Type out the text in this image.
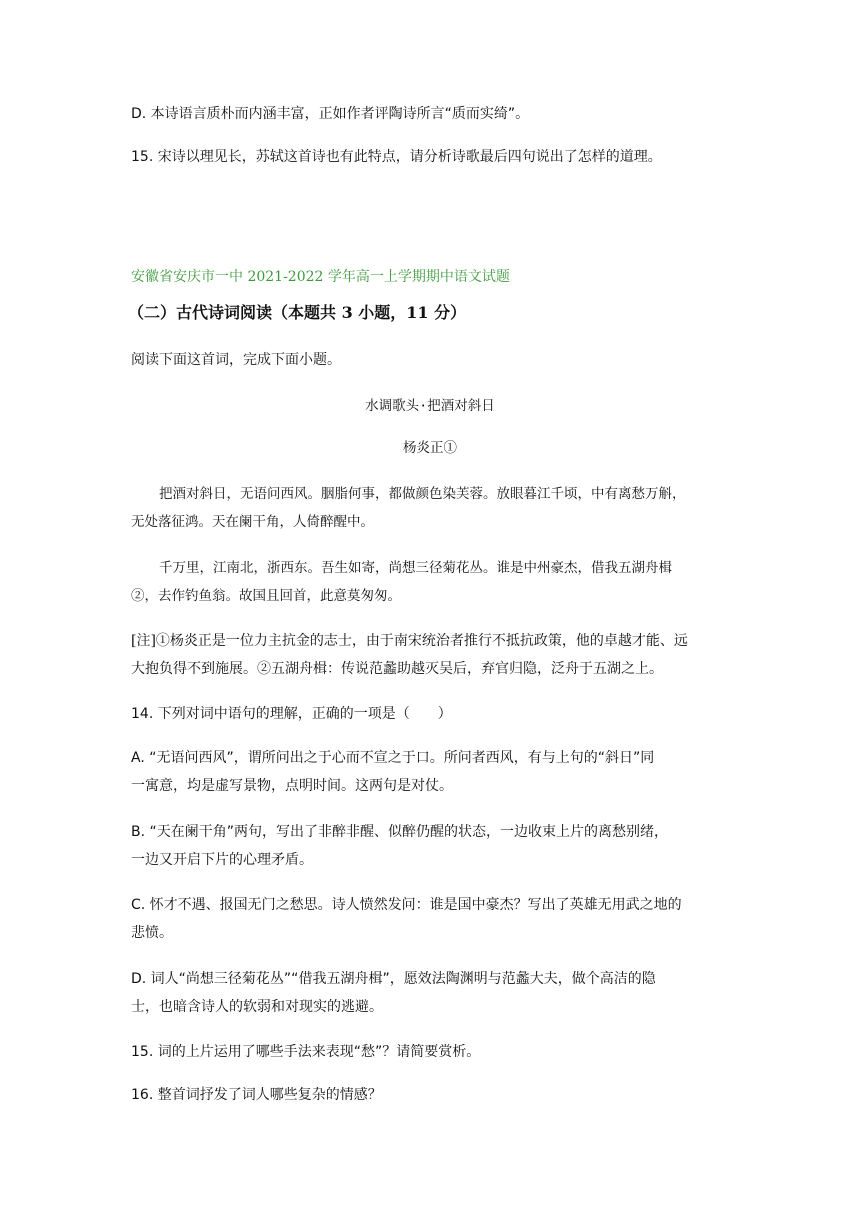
D. 本诗语言质朴而内涵丰富，正如作者评陶诗所言“质而实绮”。
15. 宋诗以理见长，苏轼这首诗也有此特点，请分析诗歌最后四句说出了怎样的道理。
安徽省安庆市一中 2021-2022 学年高一上学期期中语文试题
（二）古代诗词阅读（本题共 3 小题，11 分）
阅读下面这首词，完成下面小题。
水调歌头·把酒对斜日
杨炎正①
把酒对斜日，无语问西风。胭脂何事，都做颜色染芙蓉。放眼暮江千顷，中有离愁万斛，
无处落征鸿。天在阑干角，人倚醉醒中。
千万里，江南北，浙西东。吾生如寄，尚想三径菊花丛。谁是中州豪杰，借我五湖舟楫
②，去作钓鱼翁。故国且回首，此意莫匆匆。
[注]①杨炎正是一位力主抗金的志士，由于南宋统治者推行不抵抗政策，他的卓越才能、远
大抱负得不到施展。②五湖舟楫：传说范蠡助越灭吴后，弃官归隐，泛舟于五湖之上。
14. 下列对词中语句的理解，正确的一项是（　　）
A. “无语问西风”，谓所问出之于心而不宣之于口。所问者西风，有与上句的“斜日”同
一寓意，均是虚写景物，点明时间。这两句是对仗。
B. “天在阑干角”两句，写出了非醉非醒、似醉仍醒的状态，一边收束上片的离愁别绪，
一边又开启下片的心理矛盾。
C. 怀才不遇、报国无门之愁思。诗人愤然发问：谁是国中豪杰？写出了英雄无用武之地的
悲愤。
D. 词人“尚想三径菊花丛”“借我五湖舟楫”，愿效法陶渊明与范蠡大夫，做个高洁的隐
士，也暗含诗人的软弱和对现实的逃避。
15. 词的上片运用了哪些手法来表现“愁”？请简要赏析。
16. 整首词抒发了词人哪些复杂的情感？
